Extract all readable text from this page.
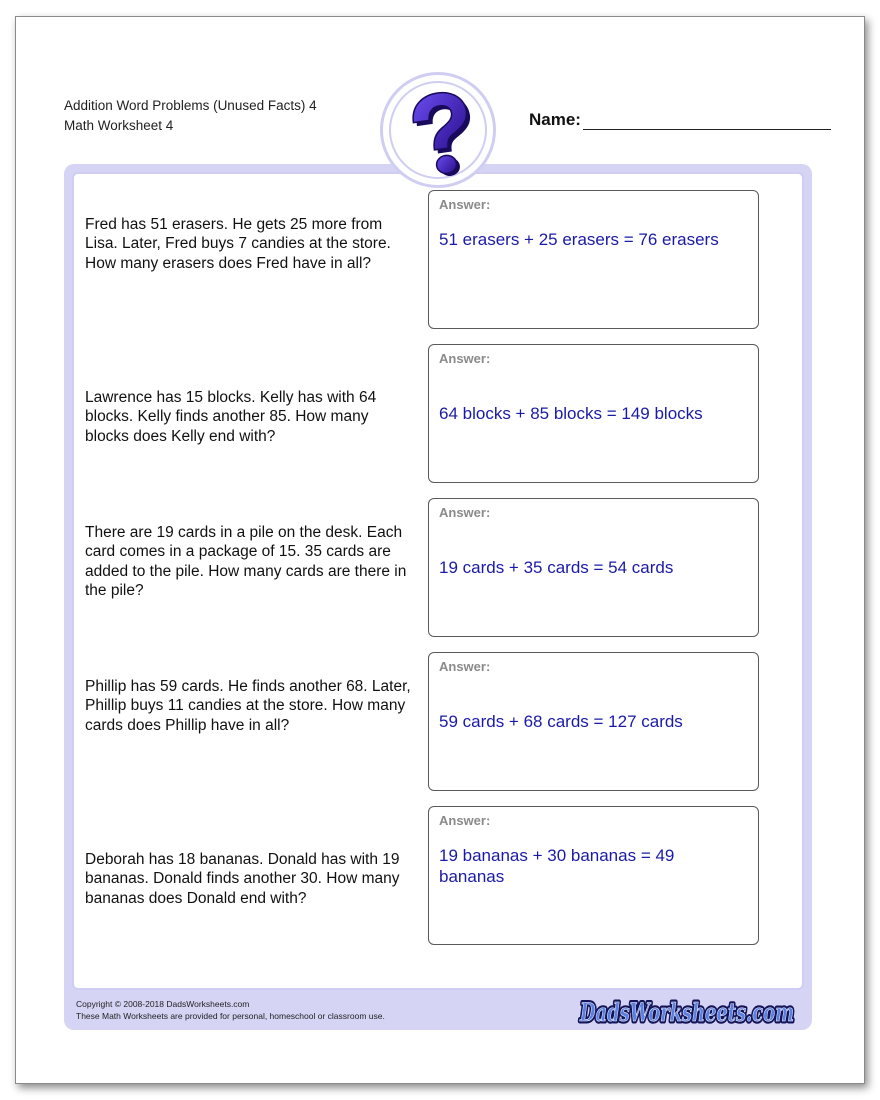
Addition Word Problems (Unused Facts) 4
Math Worksheet 4	Name:
Fred has 51 erasers. He gets 25 more from Lisa. Later, Fred buys 7 candies at the store. How many erasers does Fred have in all?
Answer:
51 erasers + 25 erasers = 76 erasers
Lawrence has 15 blocks. Kelly has with 64 blocks. Kelly finds another 85. How many blocks does Kelly end with?
Answer:
64 blocks + 85 blocks = 149 blocks
There are 19 cards in a pile on the desk. Each card comes in a package of 15. 35 cards are added to the pile. How many cards are there in the pile?
Answer:
19 cards + 35 cards = 54 cards
Phillip has 59 cards. He finds another 68. Later, Phillip buys 11 candies at the store. How many cards does Phillip have in all?
Answer:
59 cards + 68 cards = 127 cards
Deborah has 18 bananas. Donald has with 19 bananas. Donald finds another 30. How many bananas does Donald end with?
Answer:
19 bananas + 30 bananas = 49 bananas
Copyright © 2008-2018 DadsWorksheets.com
These Math Worksheets are provided for personal, homeschool or classroom use.	DadsWorksheets.com
DadsWorksheets.com
